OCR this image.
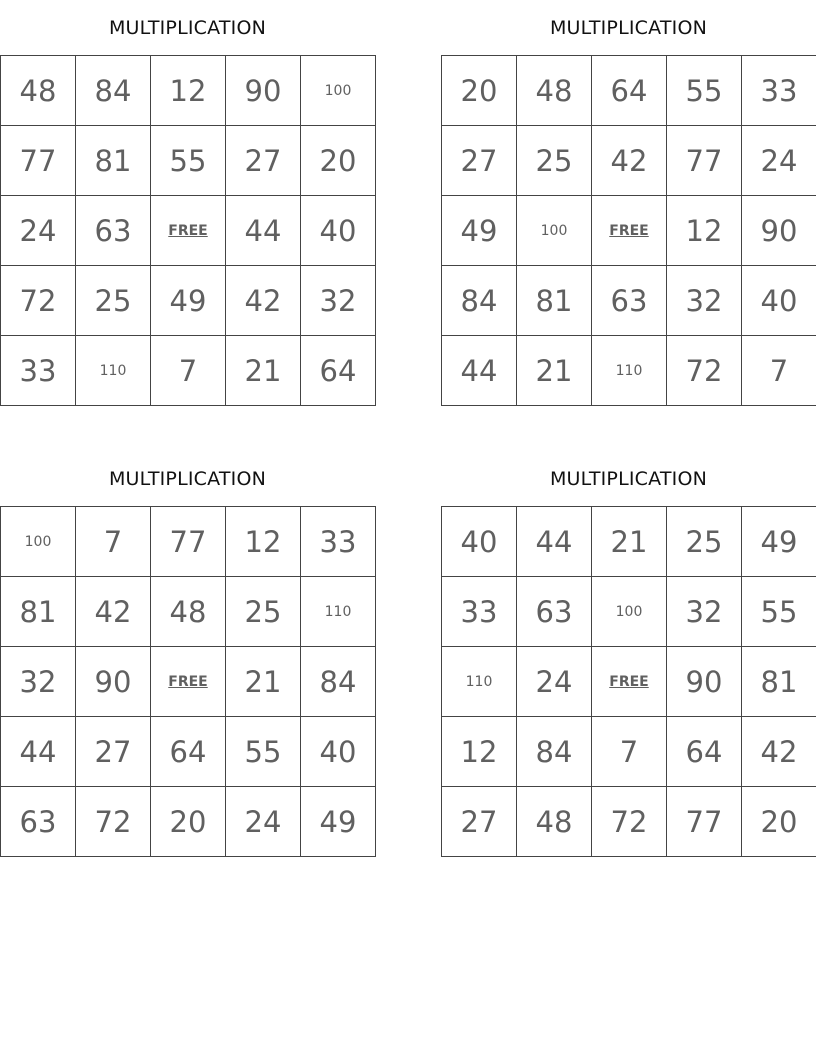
MULTIPLICATION
48	84	12	90	100
77	81	55	27	20
24	63	FREE	44	40
72	25	49	42	32
33	110	7	21	64
MULTIPLICATION
20	48	64	55	33
27	25	42	77	24
49	100	FREE	12	90
84	81	63	32	40
44	21	110	72	7
MULTIPLICATION
100	7	77	12	33
81	42	48	25	110
32	90	FREE	21	84
44	27	64	55	40
63	72	20	24	49
MULTIPLICATION
40	44	21	25	49
33	63	100	32	55
110	24	FREE	90	81
12	84	7	64	42
27	48	72	77	20
